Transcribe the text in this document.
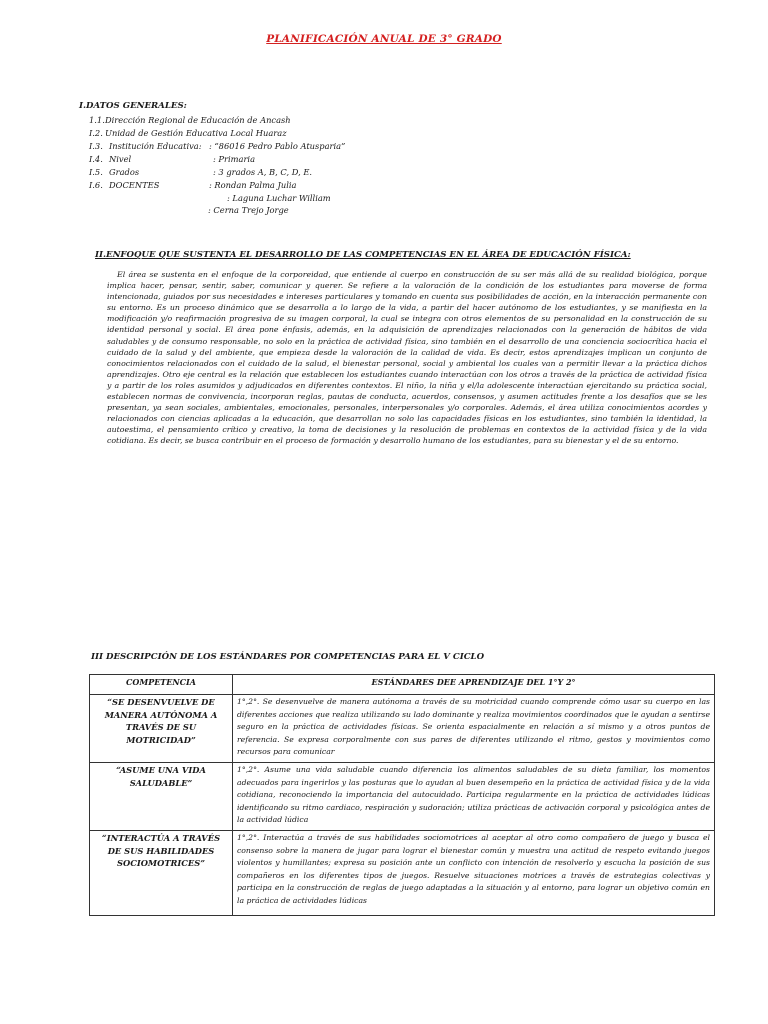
PLANIFICACIÓN ANUAL DE 3° GRADO
I.DATOS GENERALES:
1.1. Dirección Regional de Educación de Ancash
I.2. Unidad de Gestión Educativa Local Huaraz
I.3. Institución Educativa: : “86016 Pedro Pablo Atusparia”
I.4. Nivel	: Primaria
I.5. Grados	: 3 grados A, B, C, D, E.
I.6. DOCENTES	: Rondan Palma Julia
: Laguna Luchar William
: Cerna Trejo Jorge
II.ENFOQUE QUE SUSTENTA EL DESARROLLO DE LAS COMPETENCIAS EN EL ÁREA DE EDUCACIÓN FÍSICA:
El área se sustenta en el enfoque de la corporeidad, que entiende al cuerpo en construcción de su ser más allá de su realidad biológica, porque implica hacer, pensar, sentir, saber, comunicar y querer. Se refiere a la valoración de la condición de los estudiantes para moverse de forma intencionada, guiados por sus necesidades e intereses particulares y tomando en cuenta sus posibilidades de acción, en la interacción permanente con su entorno. Es un proceso dinámico que se desarrolla a lo largo de la vida, a partir del hacer autónomo de los estudiantes, y se manifiesta en la modificación y/o reafirmación progresiva de su imagen corporal, la cual se integra con otros elementos de su personalidad en la construcción de su identidad personal y social. El área pone énfasis, además, en la adquisición de aprendizajes relacionados con la generación de hábitos de vida saludables y de consumo responsable, no solo en la práctica de actividad física, sino también en el desarrollo de una conciencia sociocrítica hacia el cuidado de la salud y del ambiente, que empieza desde la valoración de la calidad de vida. Es decir, estos aprendizajes implican un conjunto de conocimientos relacionados con el cuidado de la salud, el bienestar personal, social y ambiental los cuales van a permitir llevar a la práctica dichos aprendizajes. Otro eje central es la relación que establecen los estudiantes cuando interactúan con los otros a través de la práctica de actividad física y a partir de los roles asumidos y adjudicados en diferentes contextos. El niño, la niña y el/la adolescente interactúan ejercitando su práctica social, establecen normas de convivencia, incorporan reglas, pautas de conducta, acuerdos, consensos, y asumen actitudes frente a los desafíos que se les presentan, ya sean sociales, ambientales, emocionales, personales, interpersonales y/o corporales. Además, el área utiliza conocimientos acordes y relacionados con ciencias aplicadas a la educación, que desarrollan no solo las capacidades físicas en los estudiantes, sino también la identidad, la autoestima, el pensamiento crítico y creativo, la toma de decisiones y la resolución de problemas en contextos de la actividad física y de la vida cotidiana. Es decir, se busca contribuir en el proceso de formación y desarrollo humano de los estudiantes, para su bienestar y el de su entorno.
III DESCRIPCIÓN DE LOS ESTÁNDARES POR COMPETENCIAS PARA EL V CICLO
COMPETENCIA	ESTÁNDARES DEE APRENDIZAJE DEL 1°Y 2°
“SE DESENVUELVE DE MANERA AUTÓNOMA A TRAVÉS DE SU MOTRICIDAD”	1°,2°. Se desenvuelve de manera autónoma a través de su motricidad cuando comprende cómo usar su cuerpo en las diferentes acciones que realiza utilizando su lado dominante y realiza movimientos coordinados que le ayudan a sentirse seguro en la práctica de actividades físicas. Se orienta espacialmente en relación a sí mismo y a otros puntos de referencia. Se expresa corporalmente con sus pares de diferentes utilizando el ritmo, gestos y movimientos como recursos para comunicar
“ASUME UNA VIDA SALUDABLE”	1°,2°. Asume una vida saludable cuando diferencia los alimentos saludables de su dieta familiar, los momentos adecuados para ingerirlos y las posturas que lo ayudan al buen desempeño en la práctica de actividad física y de la vida cotidiana, reconociendo la importancia del autocuidado. Participa regularmente en la práctica de actividades lúdicas identificando su ritmo cardiaco, respiración y sudoración; utiliza prácticas de activación corporal y psicológica antes de la actividad lúdica
“INTERACTÚA A TRAVÉS DE SUS HABILIDADES SOCIOMOTRICES”	1°,2°. Interactúa a través de sus habilidades sociomotrices al aceptar al otro como compañero de juego y busca el consenso sobre la manera de jugar para lograr el bienestar común y muestra una actitud de respeto evitando juegos violentos y humillantes; expresa su posición ante un conflicto con intención de resolverlo y escucha la posición de sus compañeros en los diferentes tipos de juegos. Resuelve situaciones motrices a través de estrategias colectivas y participa en la construcción de reglas de juego adaptadas a la situación y al entorno, para lograr un objetivo común en la práctica de actividades lúdicas
